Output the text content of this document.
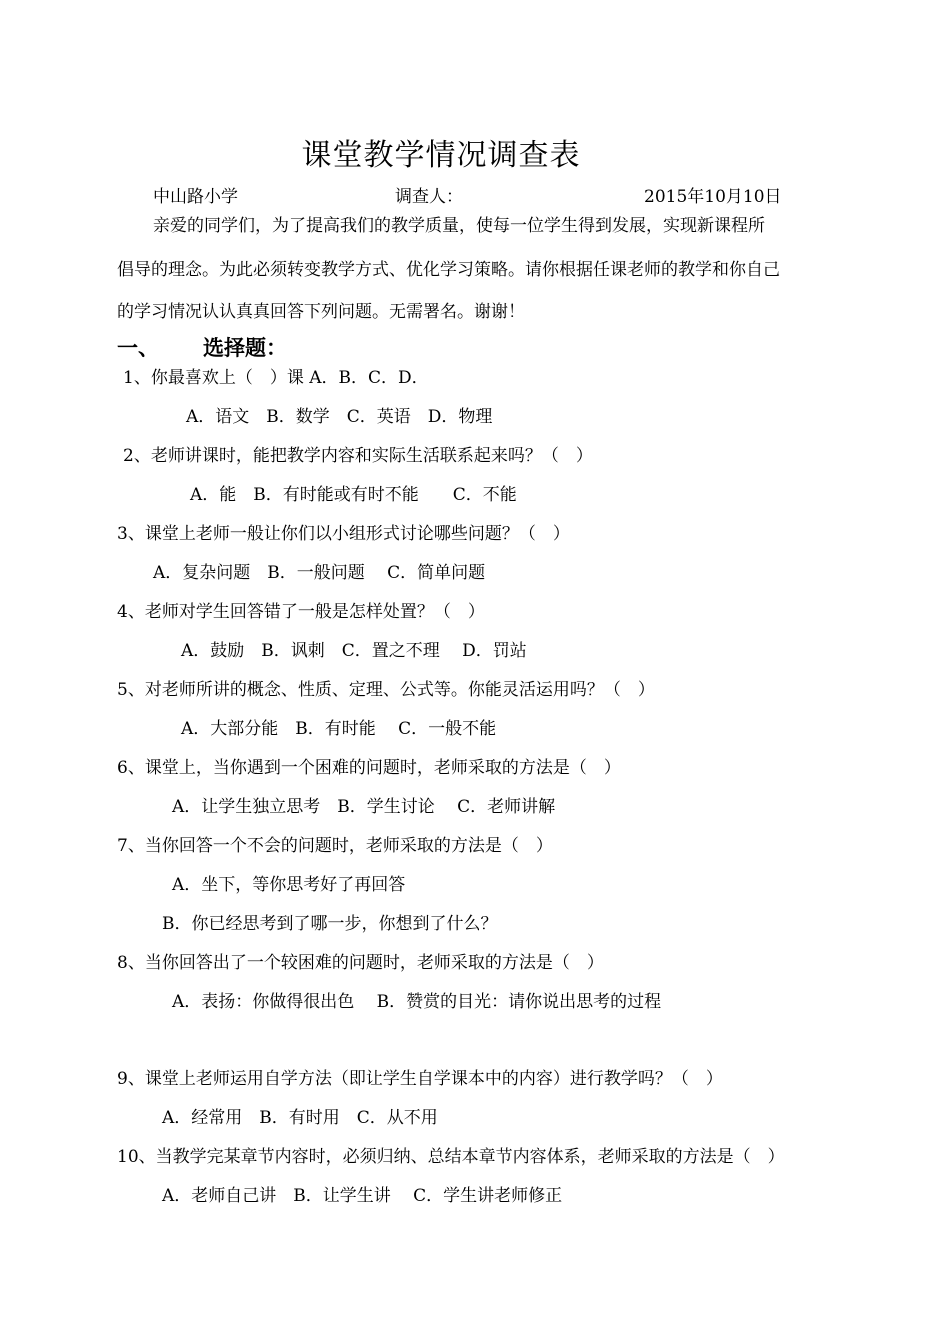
课堂教学情况调查表
中山路小学	调查人：	2015年10月10日
亲爱的同学们，为了提高我们的教学质量，使每一位学生得到发展，实现新课程所
倡导的理念。为此必须转变教学方式、优化学习策略。请你根据任课老师的教学和你自己
的学习情况认认真真回答下列问题。无需署名。谢谢！
一、 选择题：
1、你最喜欢上（　）课 A．B．C．D．
A．语文　B．数学　C．英语　D．物理
2、老师讲课时，能把教学内容和实际生活联系起来吗？（　）
A．能　B．有时能或有时不能　　C．不能
3、课堂上老师一般让你们以小组形式讨论哪些问题？（　）
A．复杂问题　B．一般问题　 C．简单问题
4、老师对学生回答错了一般是怎样处置？（　）
A．鼓励　B．讽刺　C．置之不理　 D．罚站
5、对老师所讲的概念、性质、定理、公式等。你能灵活运用吗？（　）
A．大部分能　B．有时能　 C．一般不能
6、课堂上，当你遇到一个困难的问题时，老师采取的方法是（　）
A．让学生独立思考　B．学生讨论　 C．老师讲解
7、当你回答一个不会的问题时，老师采取的方法是（　）
A．坐下，等你思考好了再回答
B．你已经思考到了哪一步，你想到了什么？
8、当你回答出了一个较困难的问题时，老师采取的方法是（　）
A．表扬：你做得很出色　 B．赞赏的目光：请你说出思考的过程
9、课堂上老师运用自学方法（即让学生自学课本中的内容）进行教学吗？（　）
A．经常用　B．有时用　C．从不用
10、当教学完某章节内容时，必须归纳、总结本章节内容体系，老师采取的方法是（　）
A．老师自己讲　B．让学生讲　 C．学生讲老师修正
